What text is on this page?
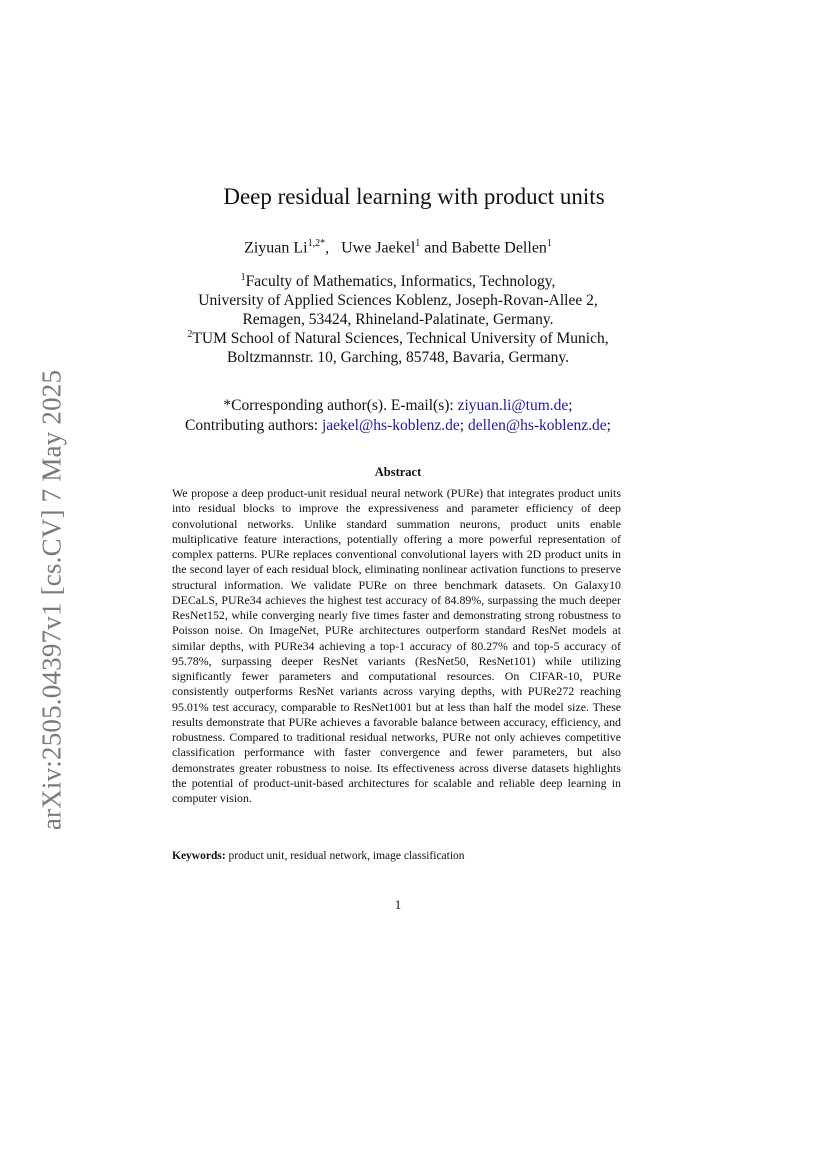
arXiv:2505.04397v1 [cs.CV] 7 May 2025
Deep residual learning with product units
Ziyuan $Li^{1,2*}$,   Uwe Jaekel$^1$ and Babette Dellen$^1$
$^1$Faculty of Mathematics, Informatics, Technology,
University of Applied Sciences Koblenz, Joseph-Rovan-Allee 2,
Remagen, 53424, Rhineland-Palatinate, Germany.
$^2$TUM School of Natural Sciences, Technical University of Munich,
Boltzmannstr. 10, Garching, 85748, Bavaria, Germany.
*Corresponding author(s). E-mail(s): ziyuan.li@tum.de;
Contributing authors: jaekel@hs-koblenz.de; dellen@hs-koblenz.de;
Abstract
We propose a deep product-unit residual neural network (PURe) that integrates product units into residual blocks to improve the expressiveness and parameter efficiency of deep convolutional networks. Unlike standard summation neurons, product units enable multiplicative feature interactions, potentially offering a more powerful representation of complex patterns. PURe replaces conventional convolutional layers with 2D product units in the second layer of each residual block, eliminating nonlinear activation functions to preserve structural information. We validate PURe on three benchmark datasets. On Galaxy10 DECaLS, PURe34 achieves the highest test accuracy of 84.89%, surpassing the much deeper ResNet152, while converging nearly five times faster and demonstrating strong robustness to Poisson noise. On ImageNet, PURe architectures outperform standard ResNet models at similar depths, with PURe34 achieving a top-1 accuracy of 80.27% and top-5 accuracy of 95.78%, surpassing deeper ResNet variants (ResNet50, ResNet101) while utilizing significantly fewer parameters and computational resources. On CIFAR-10, PURe consistently outperforms ResNet variants across varying depths, with PURe272 reaching 95.01% test accuracy, comparable to ResNet1001 but at less than half the model size. These results demonstrate that PURe achieves a favorable balance between accuracy, efficiency, and robustness. Compared to traditional residual networks, PURe not only achieves competitive classification performance with faster convergence and fewer parameters, but also demonstrates greater robustness to noise. Its effectiveness across diverse datasets highlights the potential of product-unit-based architectures for scalable and reliable deep learning in computer vision.
Keywords: product unit, residual network, image classification
1
